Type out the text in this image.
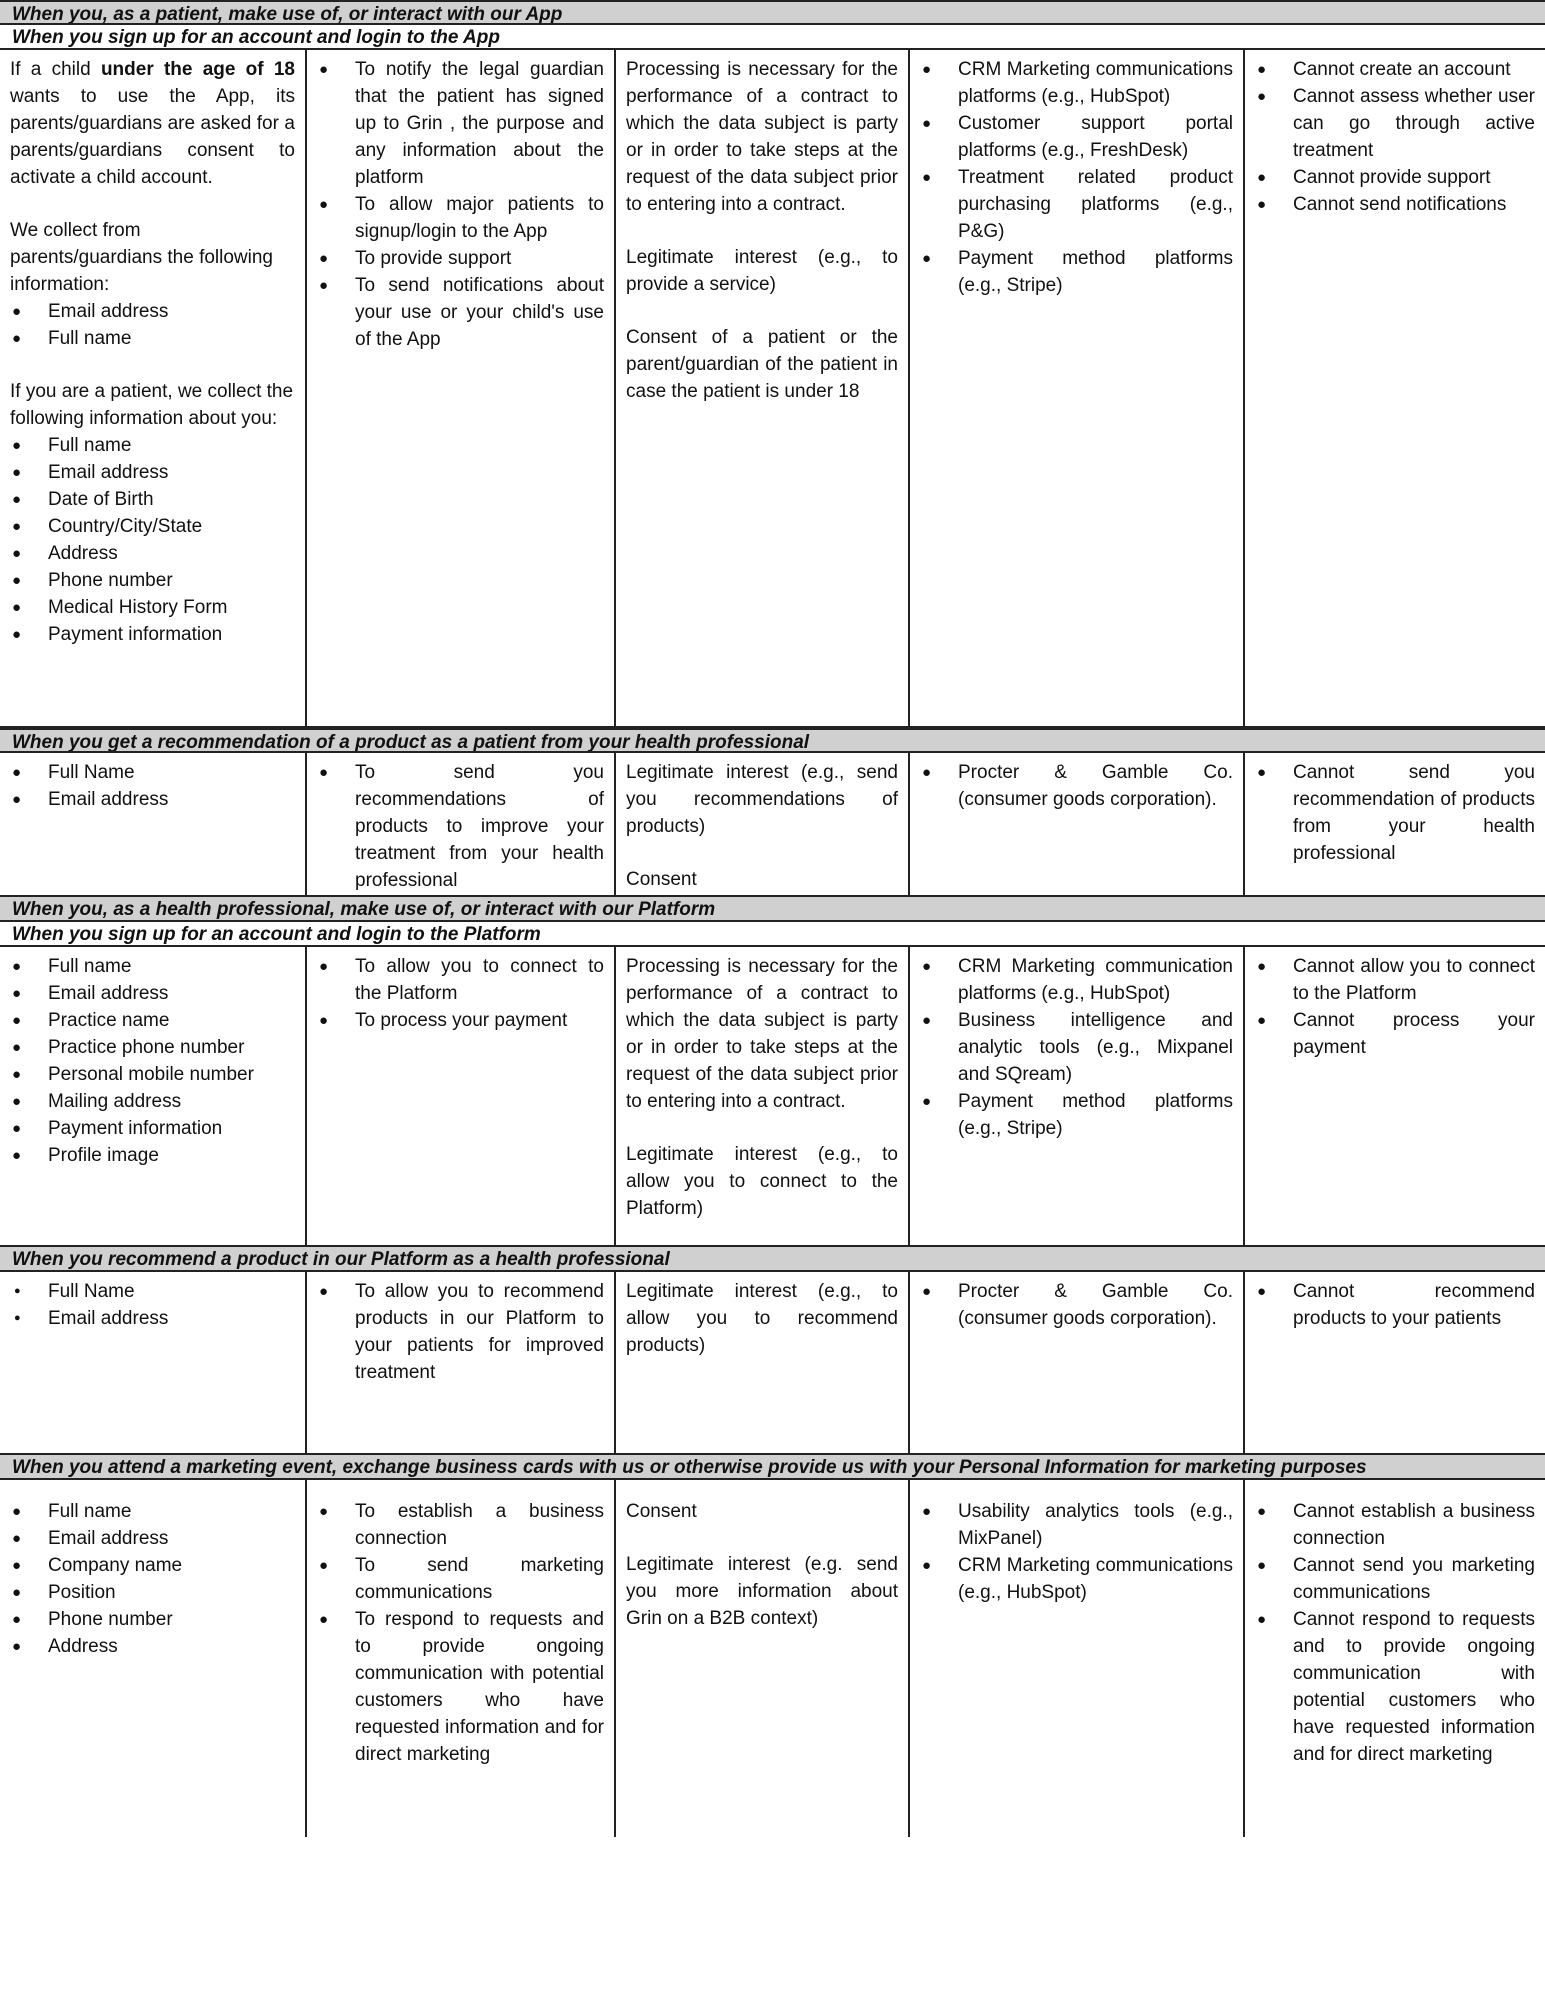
When you, as a patient, make use of, or interact with our App
When you sign up for an account and login to the App

If a child under the age of 18 wants to use the App, its parents/guardians are asked for a parents/guardians consent to activate a child account.

We collect from parents/guardians the following information:

● Email address
● Full name

If you are a patient, we collect the following information about you:

● Full name
● Email address
● Date of Birth
● Country/City/State
● Address
● Phone number
● Medical History Form
● Payment information
● To notify the legal guardian that the patient has signed up to Grin , the purpose and any information about the platform
● To allow major patients to signup/login to the App
● To provide support
● To send notifications about your use or your child's use of the App

Processing is necessary for the performance of a contract to which the data subject is party or in order to take steps at the request of the data subject prior to entering into a contract.

Legitimate interest (e.g., to provide a service)

Consent of a patient or the parent/guardian of the patient in case the patient is under 18

● CRM Marketing communications platforms (e.g., HubSpot)
● Customer support portal platforms (e.g., FreshDesk)
● Treatment related product purchasing platforms (e.g., P&G)
● Payment method platforms (e.g., Stripe)
● Cannot create an account
● Cannot assess whether user can go through active treatment
● Cannot provide support
● Cannot send notifications
When you get a recommendation of a product as a patient from your health professional
● Full Name
● Email address
● To send you recommendations of products to improve your treatment from your health professional

Legitimate interest (e.g., send you recommendations of products)

Consent

● Procter & Gamble Co. (consumer goods corporation).
● Cannot send you recommendation of products from your health professional
When you, as a health professional, make use of, or interact with our Platform
When you sign up for an account and login to the Platform
● Full name
● Email address
● Practice name
● Practice phone number
● Personal mobile number
● Mailing address
● Payment information
● Profile image
● To allow you to connect to the Platform
● To process your payment

Processing is necessary for the performance of a contract to which the data subject is party or in order to take steps at the request of the data subject prior to entering into a contract.

Legitimate interest (e.g., to allow you to connect to the Platform)

● CRM Marketing communication platforms (e.g., HubSpot)
● Business intelligence and analytic tools (e.g., Mixpanel and SQream)
● Payment method platforms (e.g., Stripe)
● Cannot allow you to connect to the Platform
● Cannot process your payment
When you recommend a product in our Platform as a health professional
● Full Name
● Email address
● To allow you to recommend products in our Platform to your patients for improved treatment

Legitimate interest (e.g., to allow you to recommend products)

● Procter & Gamble Co. (consumer goods corporation).
● Cannot recommend products to your patients
When you attend a marketing event, exchange business cards with us or otherwise provide us with your Personal Information for marketing purposes
● Full name
● Email address
● Company name
● Position
● Phone number
● Address
● To establish a business connection
● To send marketing communications
● To respond to requests and to provide ongoing communication with potential customers who have requested information and for direct marketing

Consent

Legitimate interest (e.g. send you more information about Grin on a B2B context)

● Usability analytics tools (e.g., MixPanel)
● CRM Marketing communications (e.g., HubSpot)
● Cannot establish a business connection
● Cannot send you marketing communications
● Cannot respond to requests and to provide ongoing communication with potential customers who have requested information and for direct marketing
